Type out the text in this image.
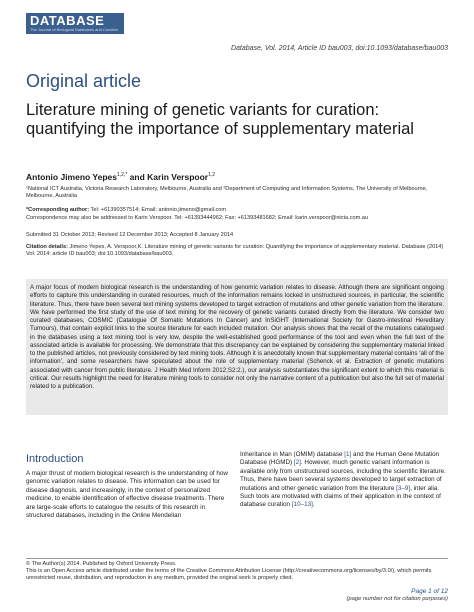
DATABASE
The Journal of Biological Databases and Curation
Database, Vol. 2014, Article ID bau003, doi:10.1093/database/bau003
Original article
Literature mining of genetic variants for curation: quantifying the importance of supplementary material
Antonio Jimeno Yepes$^{1,2,*}$ and Karin Verspoor$^{1,2}$
¹National ICT Australia, Victoria Research Laboratory, Melbourne, Australia and ²Department of Computing and Information Systems, The University of Melbourne, Melbourne, Australia
*Corresponding author: Tel: +61390357514; Email: antonio.jimeno@gmail.com
Correspondence may also be addressed to Karin Verspoor. Tel: +61393444962; Fax: +61393481682; Email: karin.verspoor@nicta.com.au
Submitted 31 October 2013; Revised 12 December 2013; Accepted 8 January 2014
Citation details: Jimeno Yepes, A. Verspoor,K. Literature mining of genetic variants for curation: Quantifying the importance of supplementary material. Database (2014) Vol. 2014: article ID bau003; doi:10.1093/database/bau003.
A major focus of modern biological research is the understanding of how genomic variation relates to disease. Although there are significant ongoing efforts to capture this understanding in curated resources, much of the information remains locked in unstructured sources, in particular, the scientific literature. Thus, there have been several text mining systems developed to target extraction of mutations and other genetic variation from the literature. We have performed the first study of the use of text mining for the recovery of genetic variants curated directly from the literature. We consider two curated databases, COSMIC (Catalogue Of Somatic Mutations In Cancer) and InSiGHT (International Society for Gastro-intestinal Hereditary Tumours), that contain explicit links to the source literature for each included mutation. Our analysis shows that the recall of the mutations catalogued in the databases using a text mining tool is very low, despite the well-established good performance of the tool and even when the full text of the associated article is available for processing. We demonstrate that this discrepancy can be explained by considering the supplementary material linked to the published articles, not previously considered by text mining tools. Although it is anecdotally known that supplementary material contains ‘all of the information’, and some researchers have speculated about the role of supplementary material (Schenck et al. Extraction of genetic mutations associated with cancer from public literature. J Health Med Inform 2012;S2:2.), our analysis substantiates the significant extent to which this material is critical. Our results highlight the need for literature mining tools to consider not only the narrative content of a publication but also the full set of material related to a publication.
Introduction
A major thrust of modern biological research is the understanding of how genomic variation relates to disease. This information can be used for disease diagnosis, and increasingly, in the context of personalized medicine, to enable identification of effective disease treatments. There are large-scale efforts to catalogue the results of this research in structured databases, including in the Online Mendelian
Inheritance in Man (OMIM) database [1] and the Human Gene Mutation Database (HGMD) [2]. However, much genetic variant information is available only from unstructured sources, including the scientific literature. Thus, there have been several systems developed to target extraction of mutations and other genetic variation from the literature [3–9], inter alia. Such tools are motivated with claims of their application in the context of database curation [10–13].
© The Author(s) 2014. Published by Oxford University Press.
This is an Open Access article distributed under the terms of the Creative Commons Attribution License (http://creativecommons.org/licenses/by/3.0/), which permits unrestricted reuse, distribution, and reproduction in any medium, provided the original work is properly cited.
Page 1 of 12
(page number not for citation purposes)
